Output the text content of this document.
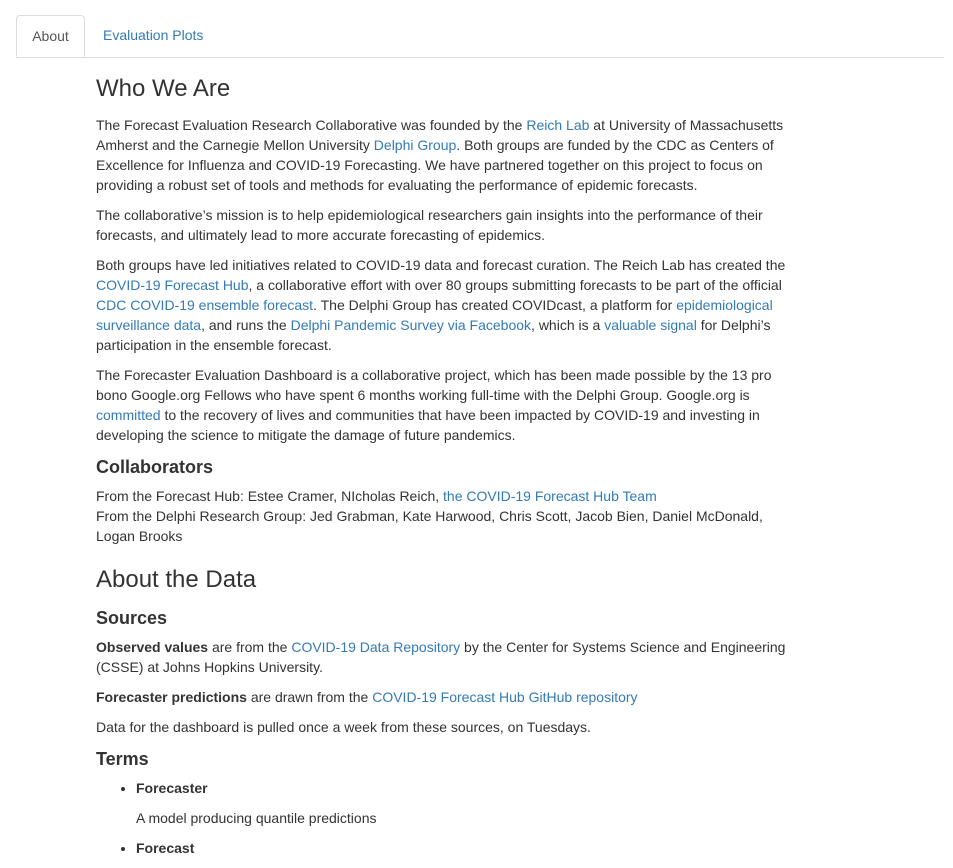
About	Evaluation Plots
Who We Are

The Forecast Evaluation Research Collaborative was founded by the Reich Lab at University of Massachusetts Amherst and the Carnegie Mellon University Delphi Group. Both groups are funded by the CDC as Centers of Excellence for Influenza and COVID-19 Forecasting. We have partnered together on this project to focus on providing a robust set of tools and methods for evaluating the performance of epidemic forecasts.

The collaborative’s mission is to help epidemiological researchers gain insights into the performance of their forecasts, and ultimately lead to more accurate forecasting of epidemics.

Both groups have led initiatives related to COVID-19 data and forecast curation. The Reich Lab has created the COVID-19 Forecast Hub, a collaborative effort with over 80 groups submitting forecasts to be part of the official CDC COVID-19 ensemble forecast. The Delphi Group has created COVIDcast, a platform for epidemiological surveillance data, and runs the Delphi Pandemic Survey via Facebook, which is a valuable signal for Delphi’s participation in the ensemble forecast.

The Forecaster Evaluation Dashboard is a collaborative project, which has been made possible by the 13 pro bono Google.org Fellows who have spent 6 months working full-time with the Delphi Group. Google.org is committed to the recovery of lives and communities that have been impacted by COVID-19 and investing in developing the science to mitigate the damage of future pandemics.

Collaborators

From the Forecast Hub: Estee Cramer, NIcholas Reich, the COVID-19 Forecast Hub Team
From the Delphi Research Group: Jed Grabman, Kate Harwood, Chris Scott, Jacob Bien, Daniel McDonald, Logan Brooks

About the Data
Sources

Observed values are from the COVID-19 Data Repository by the Center for Systems Science and Engineering (CSSE) at Johns Hopkins University.

Forecaster predictions are drawn from the COVID-19 Forecast Hub GitHub repository

Data for the dashboard is pulled once a week from these sources, on Tuesdays.

Terms
• Forecaster
A model producing quantile predictions
• Forecast
